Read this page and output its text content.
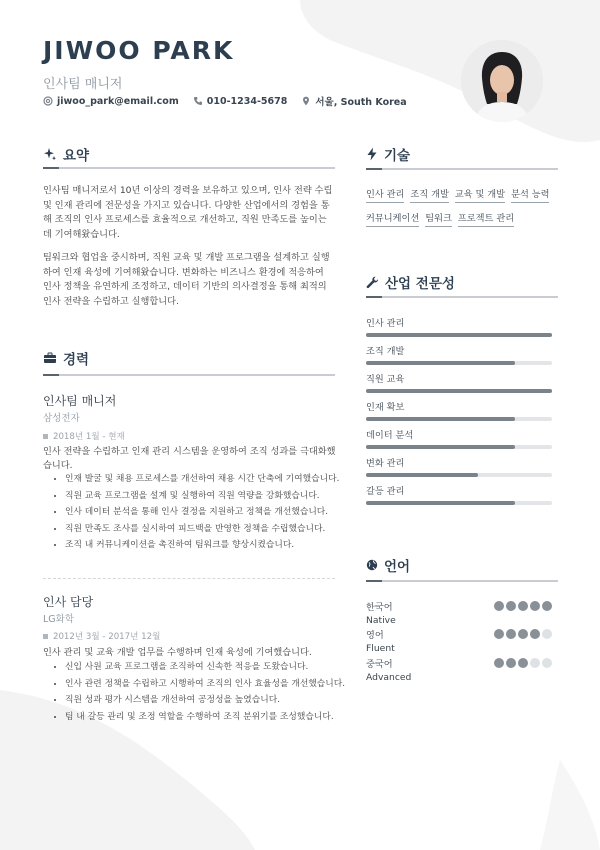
JIWOO PARK
인사팀 매니저
jiwoo_park@email.com	010-1234-5678	서울, South Korea
요약
인사팀 매니저로서 10년 이상의 경력을 보유하고 있으며, 인사 전략 수립 및 인재 관리에 전문성을 가지고 있습니다. 다양한 산업에서의 경험을 통해 조직의 인사 프로세스를 효율적으로 개선하고, 직원 만족도를 높이는 데 기여해왔습니다.
팀워크와 협업을 중시하며, 직원 교육 및 개발 프로그램을 설계하고 실행하여 인재 육성에 기여해왔습니다. 변화하는 비즈니스 환경에 적응하여 인사 정책을 유연하게 조정하고, 데이터 기반의 의사결정을 통해 최적의 인사 전략을 수립하고 실행합니다.
경력
인사팀 매니저
삼성전자
2018년 1월 - 현재
인사 전략을 수립하고 인재 관리 시스템을 운영하여 조직 성과를 극대화했습니다.
• 인재 발굴 및 채용 프로세스를 개선하여 채용 시간 단축에 기여했습니다.
• 직원 교육 프로그램을 설계 및 실행하여 직원 역량을 강화했습니다.
• 인사 데이터 분석을 통해 인사 결정을 지원하고 정책을 개선했습니다.
• 직원 만족도 조사를 실시하여 피드백을 반영한 정책을 수립했습니다.
• 조직 내 커뮤니케이션을 촉진하여 팀워크를 향상시켰습니다.
인사 담당
LG화학
2012년 3월 - 2017년 12월
인사 관리 및 교육 개발 업무를 수행하며 인재 육성에 기여했습니다.
• 신입 사원 교육 프로그램을 조직하여 신속한 적응을 도왔습니다.
• 인사 관련 정책을 수립하고 시행하여 조직의 인사 효율성을 개선했습니다.
• 직원 성과 평가 시스템을 개선하여 공정성을 높였습니다.
• 팀 내 갈등 관리 및 조정 역할을 수행하여 조직 분위기를 조성했습니다.
기술
인사 관리 조직 개발 교육 및 개발 분석 능력
커뮤니케이션 팀워크 프로젝트 관리
산업 전문성
인사 관리
조직 개발
직원 교육
인재 확보
데이터 분석
변화 관리
갈등 관리
언어
한국어
Native
영어
Fluent
중국어
Advanced
